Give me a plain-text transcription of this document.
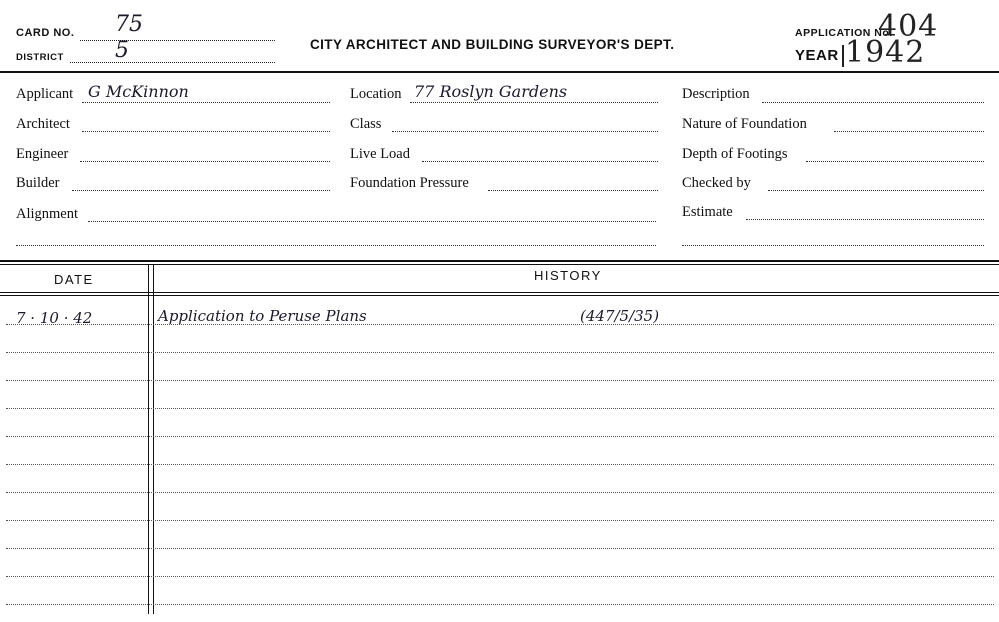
CARD NO. 75
DISTRICT 5	CITY ARCHITECT AND BUILDING SURVEYOR'S DEPT.
APPLICATION No.
404
YEAR 1942
Applicant G McKinnon
Architect
Engineer
Builder
Alignment
Location 77 Roslyn Gardens
Class
Live Load
Foundation Pressure
Description
Nature of Foundation
Depth of Footings
Checked by
Estimate
DATE	HISTORY
7 · 10 · 42	Application to Peruse Plans	(447/5/35)
